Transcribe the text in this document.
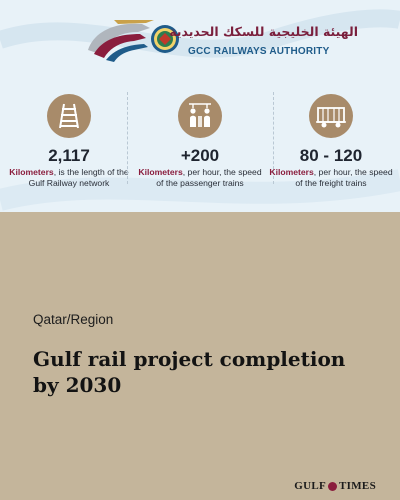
الهيئة الخليجية للسكك الحديدية
GCC RAILWAYS AUTHORITY
2,117
Kilometers, is the length of the Gulf Railway network
+200
Kilometers, per hour, the speed of the passenger trains
80 - 120
Kilometers, per hour, the speed of the freight trains
Qatar/Region
Gulf rail project completion by 2030
GULF TIMES
